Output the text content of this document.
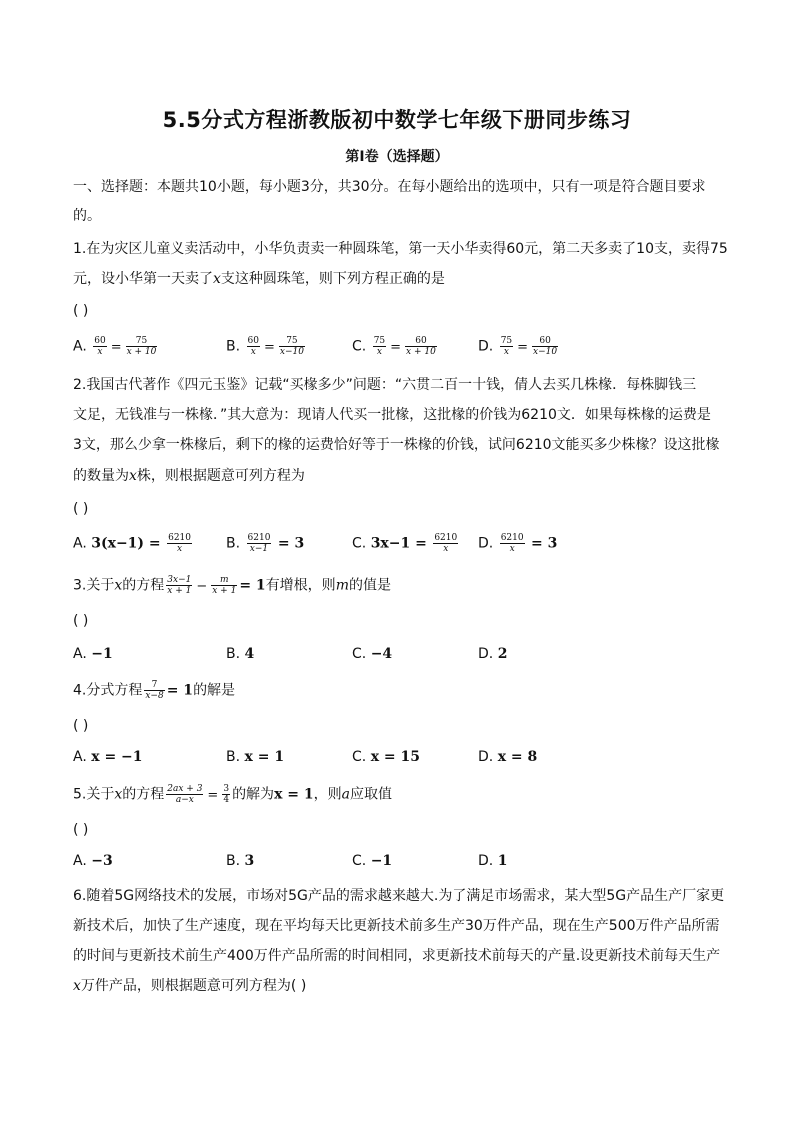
5.5分式方程浙教版初中数学七年级下册同步练习
第I卷（选择题）
一、选择题：本题共10小题，每小题3分，共30分。在每小题给出的选项中，只有一项是符合题目要求
的。
1.在为灾区儿童义卖活动中，小华负责卖一种圆珠笔，第一天小华卖得60元，第二天多卖了10支，卖得75
元，设小华第一天卖了x支这种圆珠笔，则下列方程正确的是
( )
A. $\frac{60}{x} = \frac{75}{x + 10}$	B. $\frac{60}{x} = \frac{75}{x-10}$	C. $\frac{75}{x} = \frac{60}{x + 10}$	D. $\frac{75}{x} = \frac{60}{x-10}$
2.我国古代著作《四元玉鉴》记载“买椽多少”问题：“六贯二百一十钱，倩人去买几株椽．每株脚钱三
文足，无钱准与一株椽．”其大意为：现请人代买一批椽，这批椽的价钱为6210文．如果每株椽的运费是
3文，那么少拿一株椽后，剩下的椽的运费恰好等于一株椽的价钱，试问6210文能买多少株椽？设这批椽
的数量为x株，则根据题意可列方程为
( )
A. $3(x-1) = \frac{6210}{x} B$. $\frac{6210}{x-1} = 3$	C. $3x-1 = \frac{6210}{x} D$. $\frac{6210}{x} = 3$
3.关于x的方程 $\frac{3x-1}{x + 1} - \frac{m}{x + 1} = 1$有增根，则m的值是
( )
A. −1	B. 4	C. −4	D. 2
4.分式方程 $\frac{7}{x-8} = 1$的解是
( )
A. x = −1	B. x = 1	C. x = 15	D. x = 8
5.关于x的方程 $\frac{2ax + 3}{a-x} = \frac{3}{4}$ 的解为x = 1，则a应取值
( )
A. −3	B. 3	C. −1	D. 1
6.随着5G网络技术的发展，市场对5G产品的需求越来越大.为了满足市场需求，某大型5G产品生产厂家更
新技术后，加快了生产速度，现在平均每天比更新技术前多生产30万件产品，现在生产500万件产品所需
的时间与更新技术前生产400万件产品所需的时间相同，求更新技术前每天的产量.设更新技术前每天生产
x万件产品，则根据题意可列方程为( )
